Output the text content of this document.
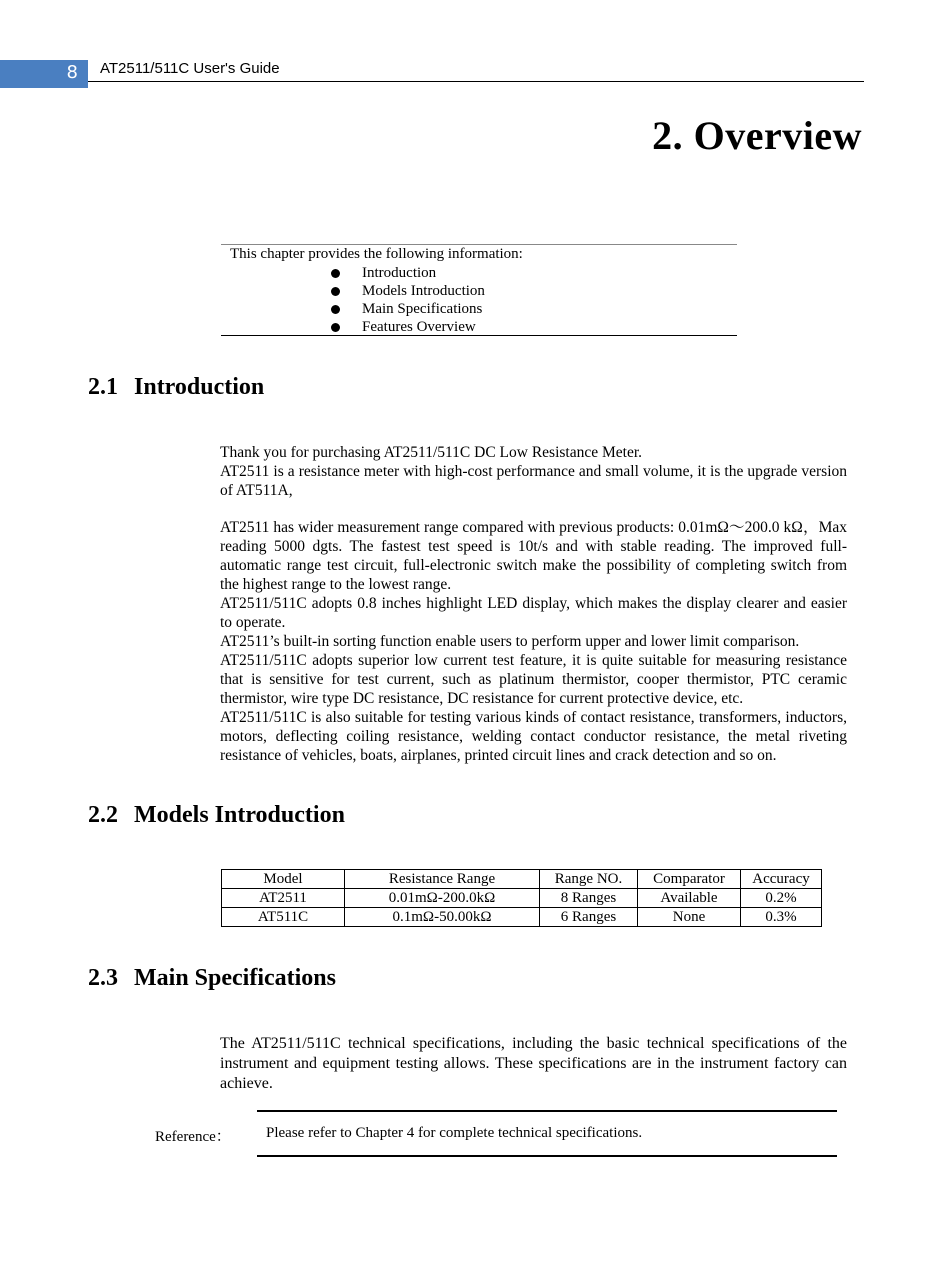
8 AT2511/511C User's Guide
2. Overview
This chapter provides the following information:
Introduction
Models Introduction
Main Specifications
Features Overview
2.1 Introduction

Thank you for purchasing AT2511/511C DC Low Resistance Meter.

AT2511 is a resistance meter with high-cost performance and small volume, it is the upgrade version of AT511A,

AT2511 has wider measurement range compared with previous products: 0.01mΩ～200.0 kΩ，Max reading 5000 dgts. The fastest test speed is 10t/s and with stable reading. The improved full-automatic range test circuit, full-electronic switch make the possibility of completing switch from the highest range to the lowest range.

AT2511/511C adopts 0.8 inches highlight LED display, which makes the display clearer and easier to operate.

AT2511’s built-in sorting function enable users to perform upper and lower limit comparison.

AT2511/511C adopts superior low current test feature, it is quite suitable for measuring resistance that is sensitive for test current, such as platinum thermistor, cooper thermistor, PTC ceramic thermistor, wire type DC resistance, DC resistance for current protective device, etc.

AT2511/511C is also suitable for testing various kinds of contact resistance, transformers, inductors, motors, deflecting coiling resistance, welding contact conductor resistance, the metal riveting resistance of vehicles, boats, airplanes, printed circuit lines and crack detection and so on.

2.2 Models Introduction
Model	Resistance Range	Range NO.	Comparator	Accuracy
AT2511	0.01mΩ-200.0kΩ	8 Ranges	Available	0.2%
AT511C	0.1mΩ-50.00kΩ	6 Ranges	None	0.3%
2.3 Main Specifications

The AT2511/511C technical specifications, including the basic technical specifications of the instrument and equipment testing allows. These specifications are in the instrument factory can achieve.

Reference： Please refer to Chapter 4 for complete technical specifications.
